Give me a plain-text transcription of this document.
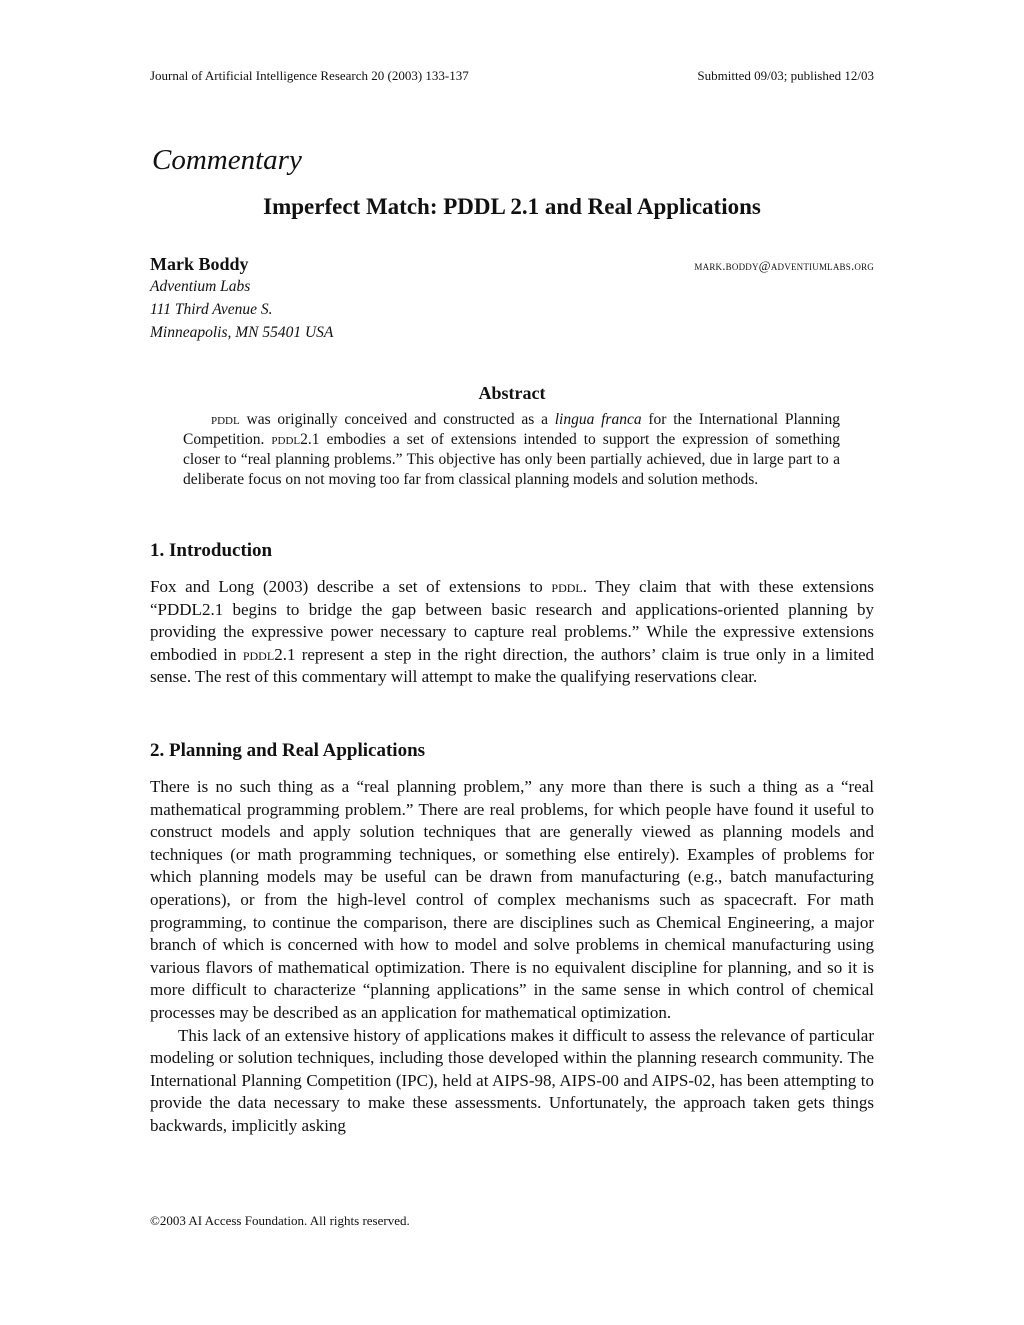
Journal of Artificial Intelligence Research 20 (2003) 133-137	Submitted 09/03; published 12/03
Commentary
Imperfect Match: PDDL 2.1 and Real Applications
Mark Boddy	mark.boddy@adventiumlabs.org
Adventium Labs
111 Third Avenue S.
Minneapolis, MN 55401 USA
Abstract

pddl was originally conceived and constructed as a lingua franca for the International Planning Competition. pddl2.1 embodies a set of extensions intended to support the expression of something closer to “real planning problems.” This objective has only been partially achieved, due in large part to a deliberate focus on not moving too far from classical planning models and solution methods.

1. Introduction

Fox and Long (2003) describe a set of extensions to pddl. They claim that with these extensions “PDDL2.1 begins to bridge the gap between basic research and applications-oriented planning by providing the expressive power necessary to capture real problems.” While the expressive extensions embodied in pddl2.1 represent a step in the right direction, the authors’ claim is true only in a limited sense. The rest of this commentary will attempt to make the qualifying reservations clear.

2. Planning and Real Applications

There is no such thing as a “real planning problem,” any more than there is such a thing as a “real mathematical programming problem.” There are real problems, for which people have found it useful to construct models and apply solution techniques that are generally viewed as planning models and techniques (or math programming techniques, or something else entirely). Examples of problems for which planning models may be useful can be drawn from manufacturing (e.g., batch manufacturing operations), or from the high-level control of complex mechanisms such as spacecraft. For math programming, to continue the comparison, there are disciplines such as Chemical Engineering, a major branch of which is concerned with how to model and solve problems in chemical manufacturing using various flavors of mathematical optimization. There is no equivalent discipline for planning, and so it is more difficult to characterize “planning applications” in the same sense in which control of chemical processes may be described as an application for mathematical optimization.

This lack of an extensive history of applications makes it difficult to assess the relevance of particular modeling or solution techniques, including those developed within the planning research community. The International Planning Competition (IPC), held at AIPS-98, AIPS-00 and AIPS-02, has been attempting to provide the data necessary to make these assessments. Unfortunately, the approach taken gets things backwards, implicitly asking

©2003 AI Access Foundation. All rights reserved.
